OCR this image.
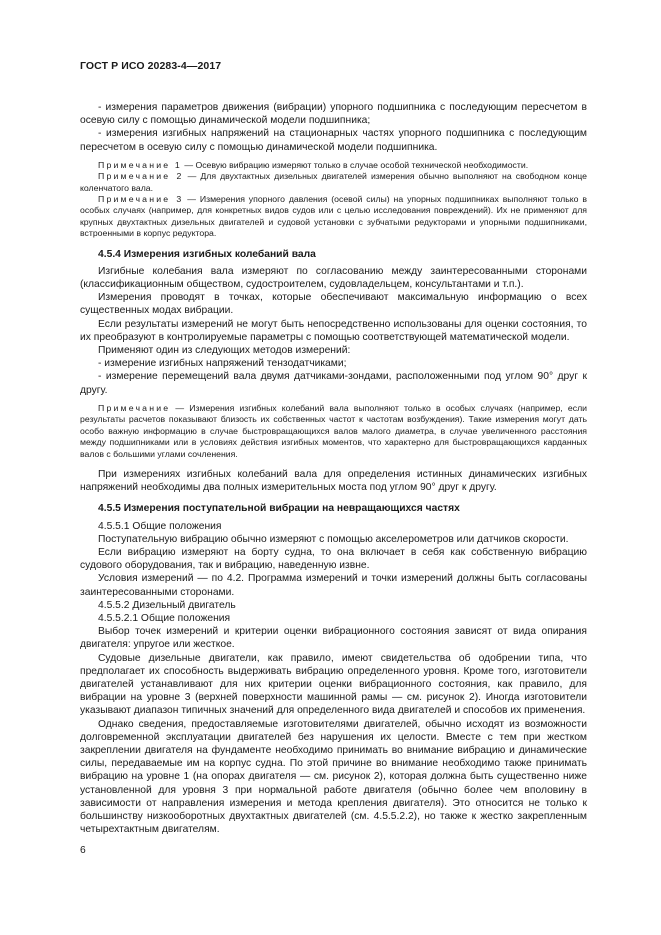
ГОСТ Р ИСО 20283-4—2017

- измерения параметров движения (вибрации) упорного подшипника с последующим пересчетом в осевую силу с помощью динамической модели подшипника;

- измерения изгибных напряжений на стационарных частях упорного подшипника с последующим пересчетом в осевую силу с помощью динамической модели подшипника.

Примечание 1 — Осевую вибрацию измеряют только в случае особой технической необходимости.

Примечание 2 — Для двухтактных дизельных двигателей измерения обычно выполняют на свободном конце коленчатого вала.

Примечание 3 — Измерения упорного давления (осевой силы) на упорных подшипниках выполняют только в особых случаях (например, для конкретных видов судов или с целью исследования повреждений). Их не применяют для крупных двухтактных дизельных двигателей и судовой установки с зубчатыми редукторами и упорными подшипниками, встроенными в корпус редуктора.

4.5.4 Измерения изгибных колебаний вала

Изгибные колебания вала измеряют по согласованию между заинтересованными сторонами (классификационным обществом, судостроителем, судовладельцем, консультантами и т.п.).

Измерения проводят в точках, которые обеспечивают максимальную информацию о всех существенных модах вибрации.

Если результаты измерений не могут быть непосредственно использованы для оценки состояния, то их преобразуют в контролируемые параметры с помощью соответствующей математической модели.

Применяют один из следующих методов измерений:

- измерение изгибных напряжений тензодатчиками;

- измерение перемещений вала двумя датчиками-зондами, расположенными под углом 90° друг к другу.

Примечание — Измерения изгибных колебаний вала выполняют только в особых случаях (например, если результаты расчетов показывают близость их собственных частот к частотам возбуждения). Такие измерения могут дать особо важную информацию в случае быстровращающихся валов малого диаметра, в случае увеличенного расстояния между подшипниками или в условиях действия изгибных моментов, что характерно для быстровращающихся карданных валов с большими углами сочленения.

При измерениях изгибных колебаний вала для определения истинных динамических изгибных напряжений необходимы два полных измерительных моста под углом 90° друг к другу.

4.5.5 Измерения поступательной вибрации на невращающихся частях

4.5.5.1 Общие положения

Поступательную вибрацию обычно измеряют с помощью акселерометров или датчиков скорости.

Если вибрацию измеряют на борту судна, то она включает в себя как собственную вибрацию судового оборудования, так и вибрацию, наведенную извне.

Условия измерений — по 4.2. Программа измерений и точки измерений должны быть согласованы заинтересованными сторонами.

4.5.5.2 Дизельный двигатель

4.5.5.2.1 Общие положения

Выбор точек измерений и критерии оценки вибрационного состояния зависят от вида опирания двигателя: упругое или жесткое.

Судовые дизельные двигатели, как правило, имеют свидетельства об одобрении типа, что предполагает их способность выдерживать вибрацию определенного уровня. Кроме того, изготовители двигателей устанавливают для них критерии оценки вибрационного состояния, как правило, для вибрации на уровне 3 (верхней поверхности машинной рамы — см. рисунок 2). Иногда изготовители указывают диапазон типичных значений для определенного вида двигателей и способов их применения.

Однако сведения, предоставляемые изготовителями двигателей, обычно исходят из возможности долговременной эксплуатации двигателей без нарушения их целости. Вместе с тем при жестком закреплении двигателя на фундаменте необходимо принимать во внимание вибрацию и динамические силы, передаваемые им на корпус судна. По этой причине во внимание необходимо также принимать вибрацию на уровне 1 (на опорах двигателя — см. рисунок 2), которая должна быть существенно ниже установленной для уровня 3 при нормальной работе двигателя (обычно более чем вполовину в зависимости от направления измерения и метода крепления двигателя). Это относится не только к большинству низкооборотных двухтактных двигателей (см. 4.5.5.2.2), но также к жестко закрепленным четырехтактным двигателям.

6
